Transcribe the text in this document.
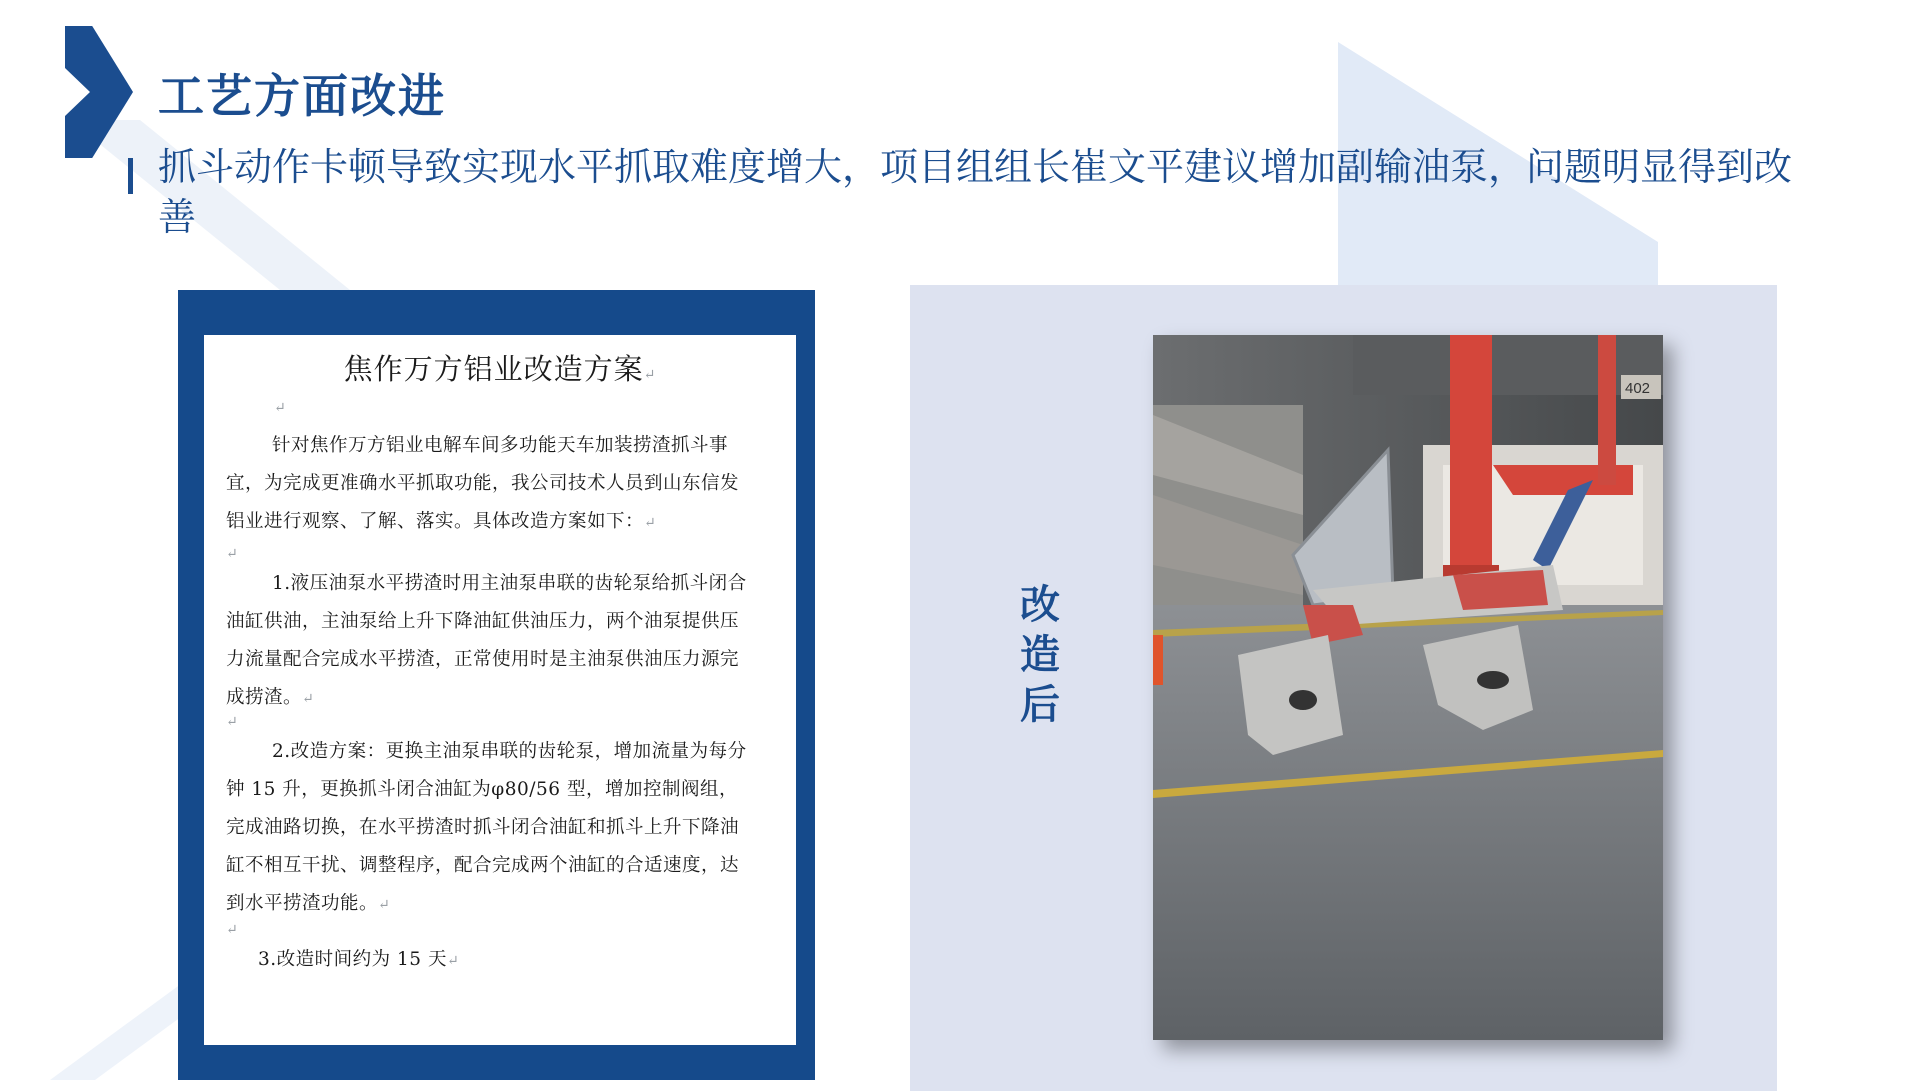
工艺方面改进
抓斗动作卡顿导致实现水平抓取难度增大，项目组组长崔文平建议增加副输油泵，问题明显得到改善
焦作万方铝业改造方案↵
↵
针对焦作万方铝业电解车间多功能天车加装捞渣抓斗事宜，为完成更准确水平抓取功能，我公司技术人员到山东信发铝业进行观察、了解、落实。具体改造方案如下：↵
↵
1.液压油泵水平捞渣时用主油泵串联的齿轮泵给抓斗闭合油缸供油，主油泵给上升下降油缸供油压力，两个油泵提供压力流量配合完成水平捞渣，正常使用时是主油泵供油压力源完成捞渣。↵
↵
2.改造方案：更换主油泵串联的齿轮泵，增加流量为每分钟 15 升，更换抓斗闭合油缸为φ80/56 型，增加控制阀组，完成油路切换，在水平捞渣时抓斗闭合油缸和抓斗上升下降油缸不相互干扰、调整程序，配合完成两个油缸的合适速度，达到水平捞渣功能。↵
↵
3.改造时间约为 15 天↵
改造后
402
